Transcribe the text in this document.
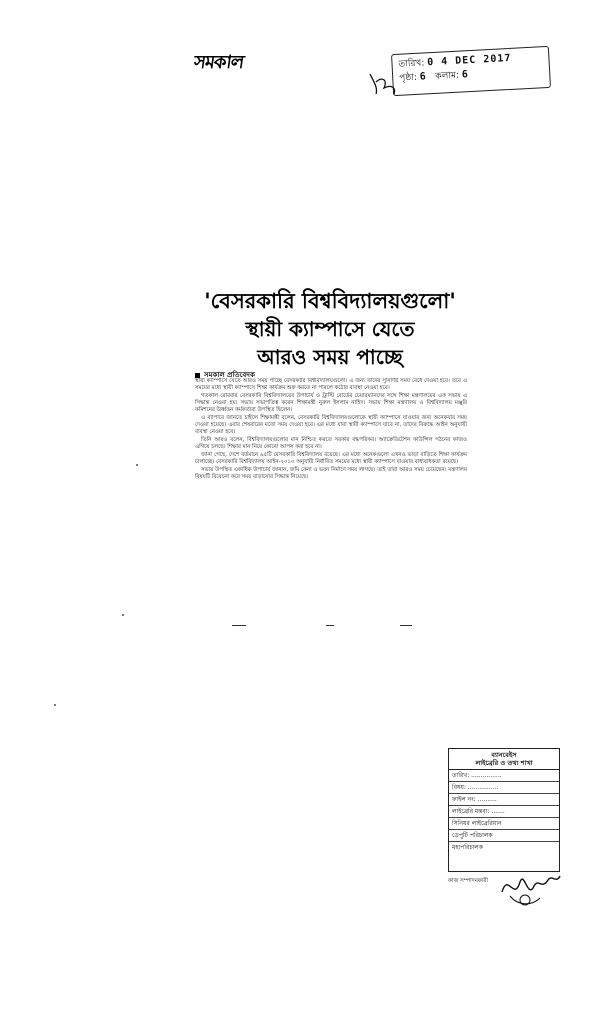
সমকাল	তারিখ: 0 4 DEC 2017
পৃষ্ঠা: 6 কলাম: 6
'বেসরকারি বিশ্ববিদ্যালয়গুলো'
স্থায়ী ক্যাম্পাসে যেতে
আরও সময় পাচ্ছে
সমকাল প্রতিবেদক

স্থায়ী ক্যাম্পাসে যেতে আরও সময় পাচ্ছে বেসরকারি বিশ্ববিদ্যালয়গুলো। এ জন্য তাদের সুনির্দিষ্ট সময় বেঁধে দেওয়া হবে। তবে এ সময়ের মধ্যে স্থায়ী ক্যাম্পাসে শিক্ষা কার্যক্রম শুরু করতে না পারলে কঠোর ব্যবস্থা নেওয়া হবে।

গতকাল রোববার বেসরকারি বিশ্ববিদ্যালয়ের উপাচার্য ও ট্রাস্টি বোর্ডের চেয়ারম্যানদের সঙ্গে শিক্ষা মন্ত্রণালয়ের এক সভায় এ সিদ্ধান্ত নেওয়া হয়। সভায় সভাপতিত্ব করেন শিক্ষামন্ত্রী নুরুল ইসলাম নাহিদ। সভায় শিক্ষা মন্ত্রণালয় ও বিশ্ববিদ্যালয় মঞ্জুরি কমিশনের ঊর্ধ্বতন কর্মকর্তারা উপস্থিত ছিলেন।

এ ব্যাপারে জানতে চাইলে শিক্ষামন্ত্রী বলেন, বেসরকারি বিশ্ববিদ্যালয়গুলোকে স্থায়ী ক্যাম্পাসে যাওয়ার জন্য অনেকবার সময় দেওয়া হয়েছে। এবার শেষবারের মতো সময় দেওয়া হবে। এর মধ্যে যারা স্থায়ী ক্যাম্পাসে যাবে না, তাদের বিরুদ্ধে আইন অনুযায়ী ব্যবস্থা নেওয়া হবে।

তিনি আরও বলেন, বিশ্ববিদ্যালয়গুলোর মান নিশ্চিত করতে সরকার বদ্ধপরিকর। অ্যাক্রেডিটেশন কাউন্সিল গঠনের কাজও এগিয়ে চলছে। শিক্ষার মান নিয়ে কোনো আপস করা হবে না।

জানা গেছে, দেশে বর্তমানে ৯৫টি বেসরকারি বিশ্ববিদ্যালয় রয়েছে। এর মধ্যে অনেকগুলো এখনও ভাড়া বাড়িতে শিক্ষা কার্যক্রম চালাচ্ছে। বেসরকারি বিশ্ববিদ্যালয় আইন-২০১০ অনুযায়ী নির্ধারিত সময়ের মধ্যে স্থায়ী ক্যাম্পাসে যাওয়ার বাধ্যবাধকতা রয়েছে।

সভায় উপস্থিত একাধিক উপাচার্য জানান, জমি কেনা ও ভবন নির্মাণে সময় লাগছে। তাই তারা আরও সময় চেয়েছেন। মন্ত্রণালয় বিষয়টি বিবেচনা করে সময় বাড়ানোর সিদ্ধান্ত নিয়েছে।

ব্যানবেইস
লাইব্রেরি ও তথ্য শাখা
তারিখ: ................
বিষয়: ................
ফাইল নং: ..........
লাইব্রেরি মন্তব্য: .......
সিনিয়র লাইব্রেরিয়ান
ডেপুটি পরিচালক
মহাপরিচালক
কাজ সম্পাদনকারী
